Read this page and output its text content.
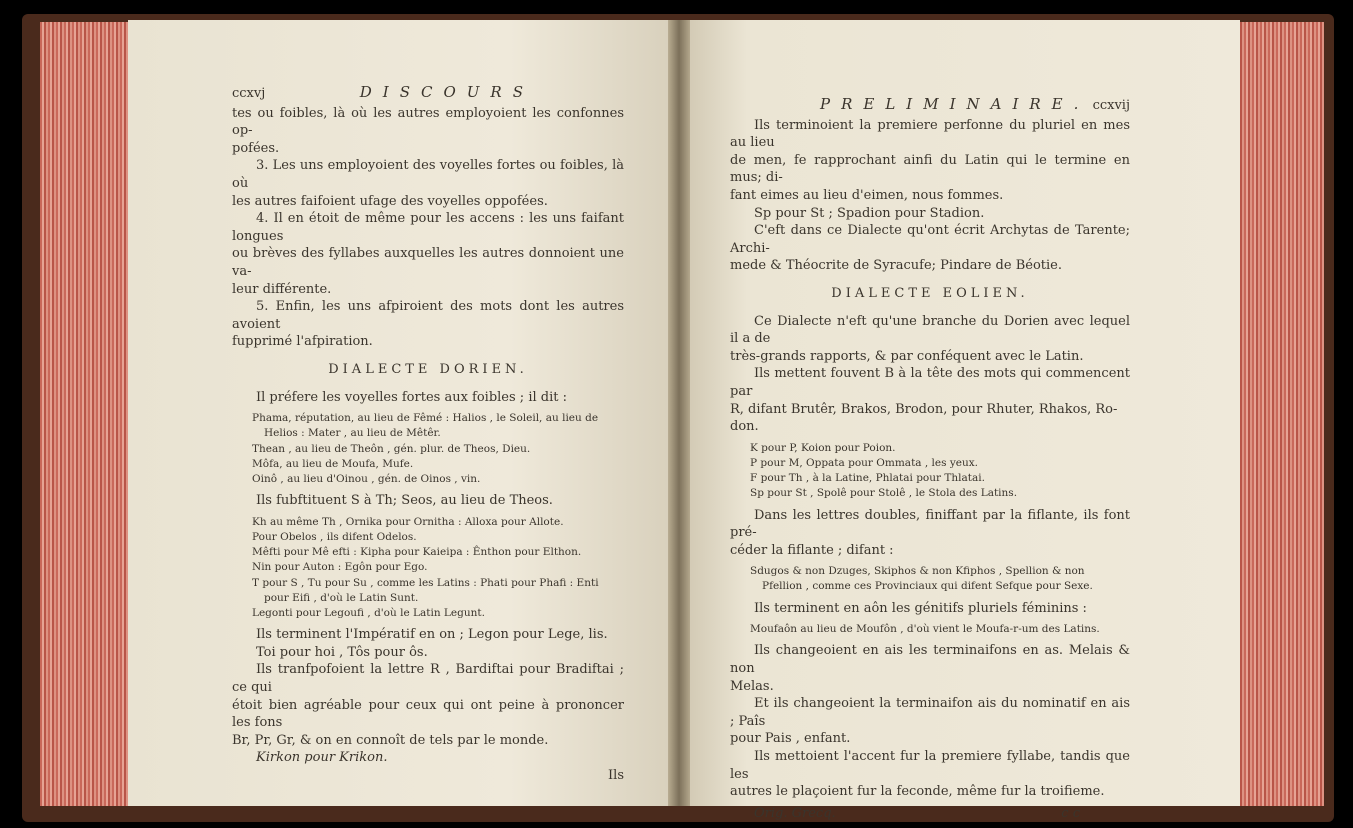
ccxvj	DISCOURS

tes ou foibles, là où les autres employoient les confonnes op-

pofées.

3. Les uns employoient des voyelles fortes ou foibles, là où

les autres faifoient ufage des voyelles oppofées.

4. Il en étoit de même pour les accens : les uns faifant longues

ou brèves des fyllabes auxquelles les autres donnoient une va-

leur différente.

5. Enfin, les uns afpiroient des mots dont les autres avoient

fupprimé l'afpiration.

DIALECTE DORIEN.

Il préfere les voyelles fortes aux foibles ; il dit :

Phama, réputation, au lieu de Fêmé : Halios , le Soleil, au lieu de

Helios : Mater , au lieu de Mêtêr.

Thean , au lieu de Theôn , gén. plur. de Theos, Dieu.

Môfa, au lieu de Moufa, Mufe.

Oinô , au lieu d'Oinou , gén. de Oinos , vin.

Ils fubftituent S à Th; Seos, au lieu de Theos.

Kh au même Th , Ornika pour Ornitha : Alloxa pour Allote.

Pour Obelos , ils difent Odelos.

Mêfti pour Mê efti : Kipha pour Kaieipa : Ênthon pour Elthon.

Nin pour Auton : Egôn pour Ego.

T pour S , Tu pour Su , comme les Latins : Phati pour Phafi : Enti

pour Eifi , d'où le Latin Sunt.

Legonti pour Legoufi , d'où le Latin Legunt.

Ils terminent l'Impératif en on ; Legon pour Lege, lis.

Toi pour hoi , Tôs pour ôs.

Ils tranfpofoient la lettre R , Bardiftai pour Bradiftai ; ce qui

étoit bien agréable pour ceux qui ont peine à prononcer les fons

Br, Pr, Gr, & on en connoît de tels par le monde.

Kirkon pour Krikon.

Ils

PRELIMINAIRE. ccxvij

Ils terminoient la premiere perfonne du pluriel en mes au lieu

de men, fe rapprochant ainfi du Latin qui le termine en mus; di-

fant eimes au lieu d'eimen, nous fommes.

Sp pour St ; Spadion pour Stadion.

C'eft dans ce Dialecte qu'ont écrit Archytas de Tarente; Archi-

mede & Théocrite de Syracufe; Pindare de Béotie.

DIALECTE EOLIEN.

Ce Dialecte n'eft qu'une branche du Dorien avec lequel il a de

très-grands rapports, & par conféquent avec le Latin.

Ils mettent fouvent B à la tête des mots qui commencent par

R, difant Brutêr, Brakos, Brodon, pour Rhuter, Rhakos, Ro-

don.

K pour P, Koion pour Poion.

P pour M, Oppata pour Ommata , les yeux.

F pour Th , à la Latine, Phlatai pour Thlatai.

Sp pour St , Spolê pour Stolê , le Stola des Latins.

Dans les lettres doubles, finiffant par la fiflante, ils font pré-

céder la fiflante ; difant :

Sdugos & non Dzuges, Skiphos & non Kfiphos , Spellion & non

Pfellion , comme ces Provinciaux qui difent Sefque pour Sexe.

Ils terminent en aôn les génitifs pluriels féminins :

Moufaôn au lieu de Moufôn , d'où vient le Moufa-r-um des Latins.

Ils changeoient en ais les terminaifons en as. Melais & non

Melas.

Et ils changeoient la terminaifon ais du nominatif en ais ; Paîs

pour Pais , enfant.

Ils mettoient l'accent fur la premiere fyllabe, tandis que les

autres le plaçoient fur la feconde, même fur la troifieme.

Orig. Grecq.	c c
